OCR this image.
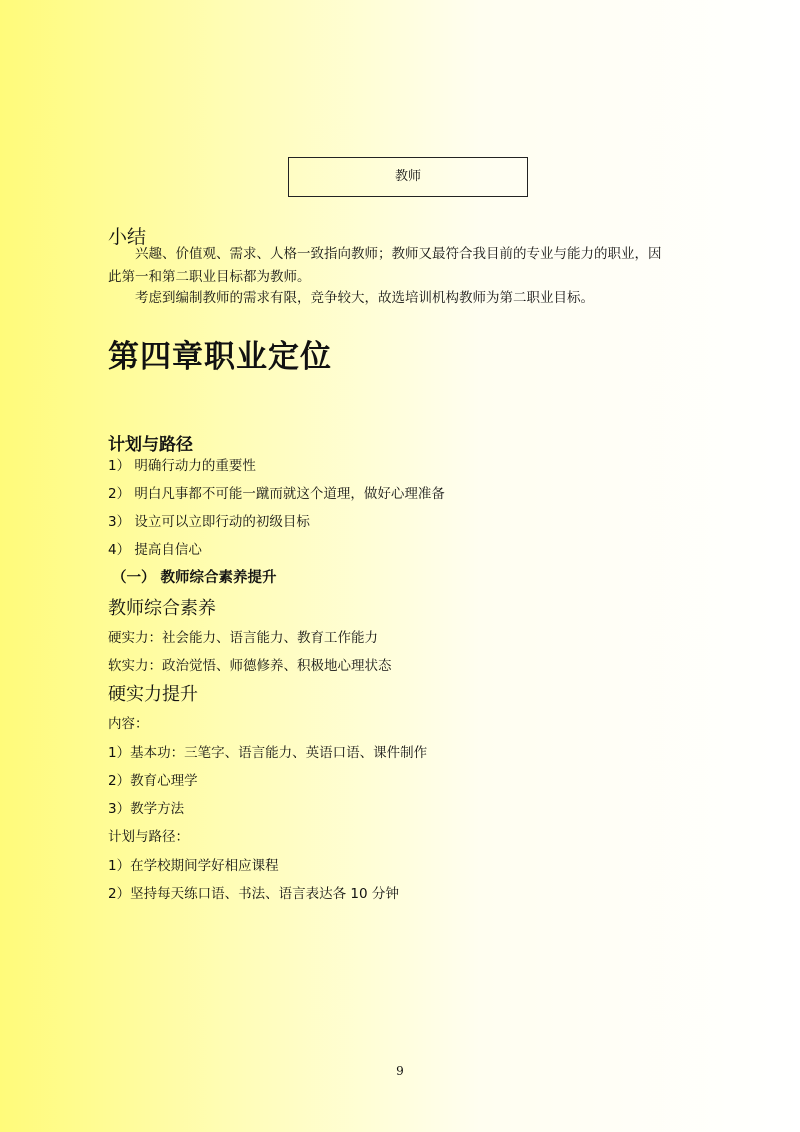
教师
小结
兴趣、价值观、需求、人格一致指向教师；教师又最符合我目前的专业与能力的职业，因
此第一和第二职业目标都为教师。
考虑到编制教师的需求有限，竞争较大，故选培训机构教师为第二职业目标。
第四章职业定位
计划与路径
1） 明确行动力的重要性
2） 明白凡事都不可能一蹴而就这个道理，做好心理准备
3） 设立可以立即行动的初级目标
4） 提高自信心
（一） 教师综合素养提升
教师综合素养
硬实力：社会能力、语言能力、教育工作能力
软实力：政治觉悟、师德修养、积极地心理状态
硬实力提升
内容：
1）基本功：三笔字、语言能力、英语口语、课件制作
2）教育心理学
3）教学方法
计划与路径：
1）在学校期间学好相应课程
2）坚持每天练口语、书法、语言表达各 10 分钟
9
